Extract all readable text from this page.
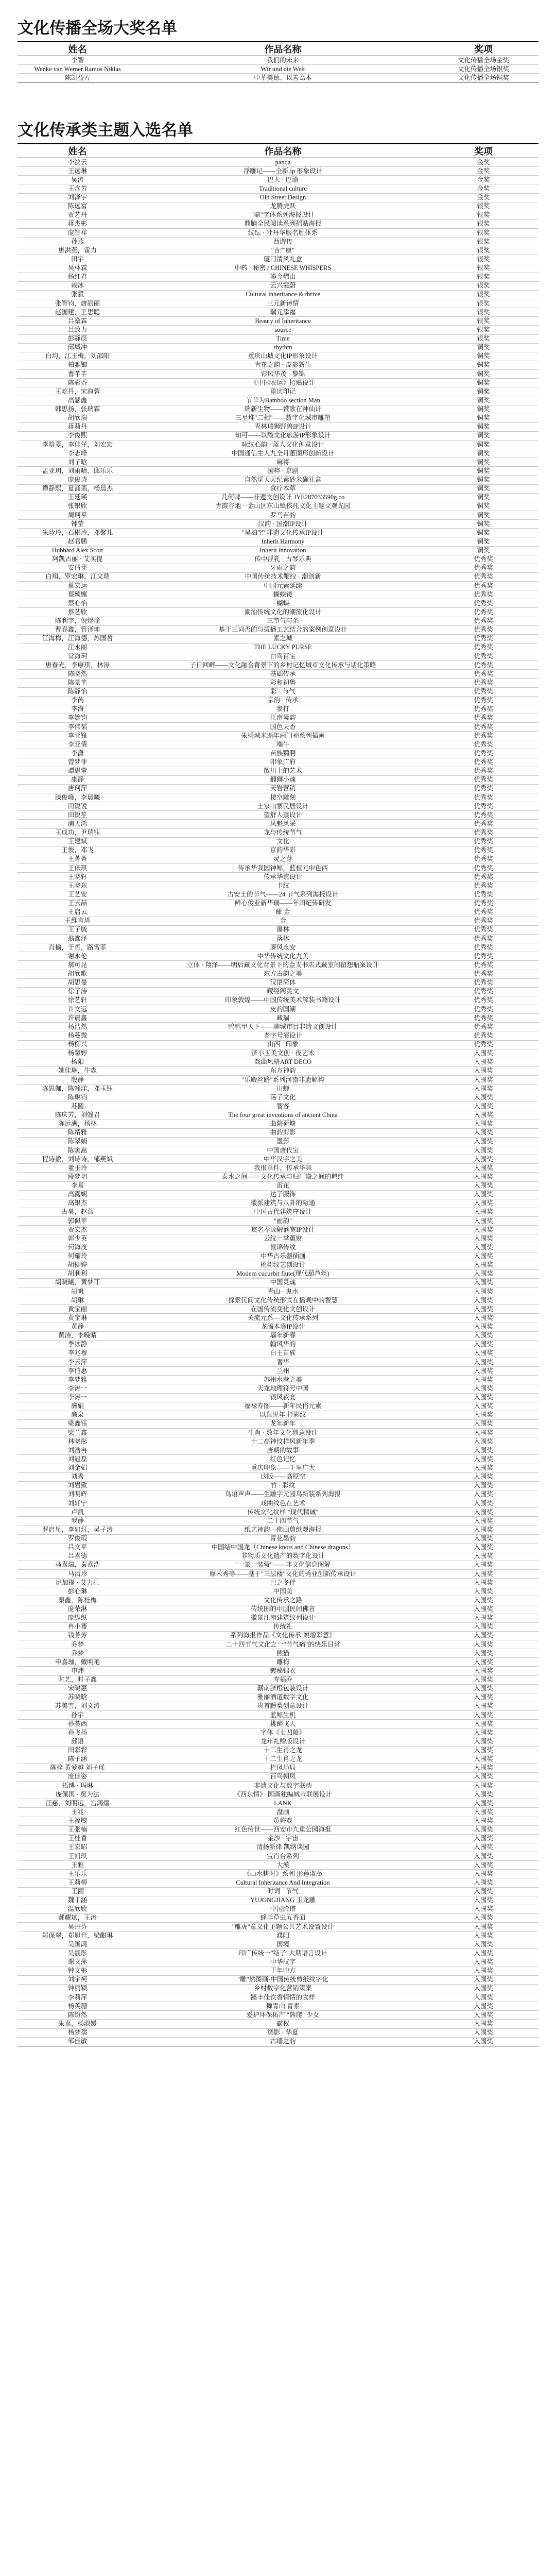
文化传播全场大奖名单
姓名	作品名称	奖项
李智	我们的未来	文化传播全场金奖
Wenke van Werner Ramos Niklas	Wir und die Welt	文化传播全场银奖
陈凯益方	中華美德、以善為本	文化传播全场铜奖
文化传承类主题入选名单
姓名	作品名称	奖项
李滨云	panda	金奖
王远琳	浮雕记——全新 ip 形象设计	金奖
吴涛	巴人 · 巴渝	金奖
王含芳	Traditional culture	金奖
刘泽宇	Old Street Design	金奖
陈远富	龙腾虎跃	银奖
贾艺丹	"鼎"字体系列海报设计	银奖
蒋杰彬	鼎脑全民阅读系列招贴海报	银奖
庞智祥	纹纭 · 牡丹华服名胜体系	银奖
孙燕	西游传	银奖
唐洪燕，雷力	"吉""康"	银奖
田宇	厦门清风礼盒	银奖
吴林霖	中药 · 秘密 / CHINESE WHISPERS	银奖
杨红君	鎏今熠山	银奖
赖冰	云兴霞蔚	银奖
张毅	Cultural inheritance & thrive	银奖
张智钧，唐丽丽	三元新铸情	银奖
赵国建，王思聪	瑞元添福	银奖
吕燊霖	Beauty of Inheritance	银奖
吕致力	source	银奖
彭静辰	Time	银奖
邱城冲	rhythm	铜奖
白均，江玉梅，刘邵阳	重庆山城文化IP形象设计	铜奖
柏雅钿	青花之韵 · 皮影新生	铜奖
曹芊芊	彩风华茂 · 黎锦	铜奖
陈彩香	《中国农运》招贴设计	铜奖
王屹丹，宋海蓉	重庆印记	铜奖
高瑟鑫	节节为Bamboo section Man	铜奖
韩思扬，张瑞霖	瑞新生物——赞歌在神仙计	铜奖
胡欣瑞	三星堆"二相"——数字化城市雕塑	铜奖
蒋莉丹	青林瑞狮野兽IP设计	铜奖
李俊熙	知可——以酸文化旅游IP形象设计	铜奖
李晗菱，李佳仔，刘宏宏	咏纹心韵 · 蓝人文化创意设计	铜奖
李志峰	中国通信生人九全月董图形创新设计	铜奖
刘子晗	麻将	铜奖
孟亚玥，刘雨晴，邱乐乐	国粹 · 京剧	铜奖
庞俊诗	自然觉天天纪素砂米确礼盒	铜奖
谭静熙，夏涌翡，杨晨杰	食疗本草	铜奖
王廷瑛	几何啤——非遗文创设计 JYE287033590g.co	铜奖
张银欣	青霞谷地一金山区东山镇依托文化主题文观光园	铜奖
周珂平	罗马苗韵	铜奖
钟莹	汉韵 · 国潮IP设计	铜奖
朱珍玲，石彬玲，邓馨儿	"吴泊宝"非遗文化传承IP设计	铜奖
赵君鹏	Inherit Harmony	铜奖
Hubbard Alex Scott	Inherit innovation	铜奖
阿凯古丽 · 艾买提	传中浮乳 · 古琴乐典	优秀奖
安倩芽	牙雨之韵	优秀奖
白翔，罗宏琳，江文瑞	中国传统技术鞭绞 · 潮创新	优秀奖
蔡宏运	中国元素延续	优秀奖
蔡颖娜	蝴蝶镂	优秀奖
蔡心怡	蝴蝶	优秀奖
蔡艺欣	潮汕传统文化的潮流化设计	优秀奖
陈利宇，倪煜瑜	三节气与条	优秀奖
曹春鑫，管泽坤	基于三词否的与拔播工艺结合的案例创意设计	优秀奖
江海梅，江海德，苏国哲	素之城	优秀奖
江永丽	THE LUCKY PURSE	优秀奖
常海珂	白鸟百宝	优秀奖
唐春光，李康琪，林涛	子日回畔——文化融合背景下的乡村记忆城市文化传承与话化策略	优秀奖
陈晓然	基础传承	优秀奖
陈景芊	彩和初鲁	优秀奖
陈静怡	彩 · 与气	优秀奖
李芮	京韵 · 传承	优秀奖
李海	参打	优秀奖
李婉钧	江南境韵	优秀奖
李伟韬	国色天香	优秀奖
李亚锋	朱杨城米颁年画门神系列插画	优秀奖
李亚倩	端午	优秀奖
李潇	苗族鹦啊	优秀奖
曾梦菲	印象广府	优秀奖
谭思莹	散川上的艺术	优秀奖
康静	翻狮小魂	优秀奖
唐珂萍	天岩营销	优秀奖
滕俊峰，李晨曦	楼空雕刻	优秀奖
田锐锐	土家山寨民居设计	优秀奖
田锐笙	望舒人蒸设计	优秀奖
浦天鸿	凤魁风采	优秀奖
王成功，尹瑞钰	龙与传统节气	优秀奖
王建斌	文化	优秀奖
王俊，邓飞	京韵华彩	优秀奖
王菁菁	灵之芽	优秀奖
王依琪	传承华我国神鲸，蓝楦元中色西	优秀奖
王晓轩	传承华谊设计	优秀奖
王晓东	卡纹	优秀奖
王艺安	古安土的节气——24 节气系列海报设计	优秀奖
王云喆	鲜心俊业新华瑞——年田纪传研发	优秀奖
王启云	酣 金	优秀奖
王维言琦	金	优秀奖
王子毓	瀑林	优秀奖
翁鑫泽	落体	优秀奖
肖榆，于哲，路雪菲	赓风永安	优秀奖
谢永伦	中华传统文化九美	优秀奖
郝可昆	立体 · 翔泽——明后藏文化背景下的金支书店式藏室间留想瓶案设计	优秀奖
胡欣歌	东方古韵之美	优秀奖
胡思曼	汉语简体	优秀奖
徐子涛	藏经阁灵文	优秀奖
徐艺轩	印象敦煌——中国传统美术解装书籍设计	优秀奖
许文远	皮韵国潮	优秀奖
许晨鑫	藏瑞	优秀奖
杨浩然	鸭鸭甲天下——聊城市目非遗文创设计	优秀奖
杨蔓微	老字号展设计	优秀奖
杨柳兴	山西 · 印象	优秀奖
杨馨婷	济小玉美文创 · 夜艺术	入围奖
杨阳	戏曲风格ART DECO	入围奖
姚佳琳，牛森	东方神韵	入围奖
殷静	"乐殿丝路"系列河南非遗解构	入围奖
陈思伽，陈翰洋，邓玉钰	川蝉	入围奖
陈琳钧	荡子文化	入围奖
苏圆	智客	入围奖
陈庆芳，刘翰君	The four great inventions of ancient China	入围奖
陈远满，杨林	曲院荷塘	入围奖
陈靖雅	曲韵剪影	入围奖
陈翠娟	墨影	入围奖
陈寅嵩	中国唐代宝	入围奖
程诗盈，刘诗诗，邹燕斌	中华汉字之美	入围奖
董玉玲	我很单件，传承华舞	入围奖
段梦玥	泰水之间——文化传承与归厂殿之间的羁绊	入围奖
李易	雷花	入围奖
高露娴	达子服饰	入围奖
高银杰	徽派建筑与八卦的融通	入围奖
古昊，赵燕	中国古代建筑序设计	入围奖
郭佩苹	"画韵"	入围奖
贾宏杰	贯名奉顾解涵宽IP设计	入围奖
郭少英	云纹一掌蕙财	入围奖
何海茂	鼠锦传纹	入围奖
何耀玲	中华古乐器插画	入围奖
胡柳婷	桃树纹艺创设计	入围奖
胡利利	Modern cucurbit flute(现代葫芦丝)	入围奖
胡晓曦，黄梦菲	中国灵魂	入围奖
胡帆	青山 · 鬼水	入围奖
胡琳	探索民间文化传统形式在播观中的智慧	入围奖
黄宝丽	在国传流变化文创设计	入围奖
黄宝琳	关流元系—文化传承系列	入围奖
黄静	龙腾本虚IP设计	入围奖
黄涛，李晚晴	墙年新春	入围奖
季冰静	翰风华韵	入围奖
李兆穆	白王苗族	入围奖
李云萍	奢华	入围奖
李伯惠	兰州	入围奖
李梦雅	苏州水巷之美	入围奖
李涛一	天龙地理符号中国	入围奖
李涛一	银风夜宴	入围奖
廉娟	福禄寿图——新年民俗元素	入围奖
廉泉	以鼠见年 抒彩纹	入围奖
梁鑫钰	龙年新年	入围奖
梁兰鑫	生肖 · 数年文化创意设计	入围奖
林晓彤	十二高神纹样风新年季	入围奖
刘浩冉	唐朝的故事	入围奖
刘冠磊	红色记忆	入围奖
刘金娟	重庆印象——千里广大	入围奖
刘秀	这版——高原空	入围奖
刘岩致	竹 · 彩纹	入围奖
刘明辉	鸟语声声——生雕字元园鸟新装系列海报	入围奖
刘轩宁	戏曲纹色在艺术	入围奖
卢凯	传统文化纹样 "现代精诚"	入围奖
罗静	二十四节气	入围奖
罗启星，李如灯，吴子涛	纸艺神韵—佛山剪纸观海报	入围奖
罗俊瑕	青花墨韵	入围奖
吕文平	中国结中国龙（Chinese knots and Chinese dragons）	入围奖
吕喜德	非物质文化遗产的数字化设计	入围奖
马嘉瑞，秦嘉浩	"一景一装萤"——非文化信息图解	入围奖
马沼珍	摩禾秀等——基于"三层楼"文化的秀业创新传承设计	入围奖
尼加提 · 艾力江	巴之冬伴	入围奖
彭心琳	中国美	入围奖
秦鑫，陈桂梅	文化传承之路	入围奖
庞荣淋	传统围的中国民间佛音	入围奖
庞纵纵	徽景江南建筑纹列设计	入围奖
冉小骞	传统礼	入围奖
钱芳芳	系列海报作品《文化传承·蜕增彩意》	入围奖
乔梦	二十四节气文化之一"节气痛"的快乐日常	入围奖
乔梦	熊猫	入围奖
申嘉珈，戴明艳	雕梅	入围奖
申炜	镀秘锦衣	入围奖
时艺，时子鑫	寿福乔	入围奖
宋晓惠	赣南脐橙包装设计	入围奖
苏晓晗	雅丽酒道数字文化	入围奖
苏美雪，刘义涛	贵首黔梨创意设计	入围奖
孙宇	蓝鲸生机	入围奖
孙荟西	桃醉飞天	入围奖
孙飞扬	字体《七凹船》	入围奖
邱语	龙年礼赠版设计	入围奖
田彩彩	十二生肖之龙	入围奖
陈子涵	十二生肖之龙	入围奖
陈梓 黄爱越 刘子瑶	栏凤局局	入围奖
庞佳姿	百鸟朝凤	入围奖
拓博 · 玛琳	非遗文化与数字联动	入围奖
庞佩国 · 奥为法	《西东情》 国画独编城市联展设计	入围奖
汪慈，刘明远，宫鸿熠	LANK	入围奖
王兆	盘画	入围奖
王福煦	黄梅戏	入围奖
王张楠	红色传世——西安市九重公园海报	入围奖
王桂香	金沙 · 宇宙	入围奖
王宏昭	清扬新律 凯纳谈园	入围奖
王凯琪	宝肖台系列	入围奖
王雅	大漠	入围奖
王乐乐	《山水耕时》系列 形莲淑藻	入围奖
王莉柳	Cultural Inheritance And Integration	入围奖
王丽	时词 · 节气	入围奖
魏丁涵	YUJONGJIANG 玉龙雕	入围奖
温欣欣	中国脸谱	入围奖
郝耀斌，王涛	蜂羊草虫五香面	入围奖
吴丹芬	"雕虎"意义化主题公共艺术设置设计	入围奖
郑保翠，郑旭升，梁酣琳	濮阳	入围奖
吴国鸿	国境	入围奖
吴靓彤	印广传统一"结子"大期语言设计	入围奖
谢文萍	中华汉字	入围奖
钟文彬	干年中方	入围奖
刘宇柯	"雕"然图画·中国传统剪纸纹字化	入围奖
钟丽颖	乡村数字化营销策案	入围奖
李莉萍	蹊丰佳饮香情情的食样	入围奖
杨英珊	舞青山 青素	入围奖
陈纷然	爱护环保拓产 "熊爬" 少女	入围奖
朱嘉，杨淑媛	霸权	入围奖
杨梦孺	绸影 · 华夏	入围奖
邹佳敏	古墙之韵	入围奖
